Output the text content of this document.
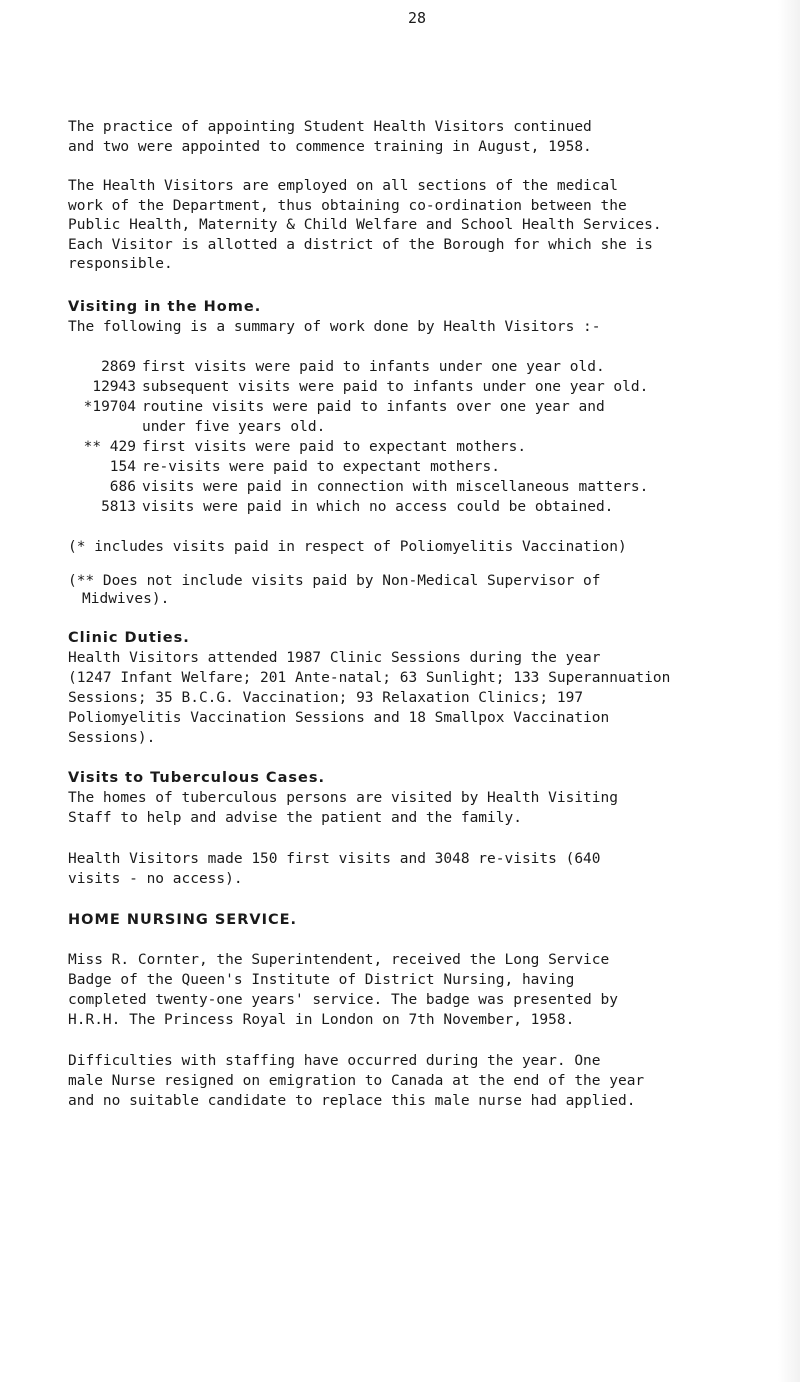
28
The practice of appointing Student Health Visitors continued
and two were appointed to commence training in August, 1958.
The Health Visitors are employed on all sections of the medical
work of the Department, thus obtaining co-ordination between the
Public Health, Maternity & Child Welfare and School Health Services.
Each Visitor is allotted a district of the Borough for which she is
responsible.
Visiting in the Home.
The following is a summary of work done by Health Visitors :-
2869 first visits were paid to infants under one year old.
12943 subsequent visits were paid to infants under one year old.
*19704 routine visits were paid to infants over one year and
under five years old.
** 429 first visits were paid to expectant mothers.
154 re-visits were paid to expectant mothers.
686 visits were paid in connection with miscellaneous matters.
5813 visits were paid in which no access could be obtained.
(* includes visits paid in respect of Poliomyelitis Vaccination)
(** Does not include visits paid by Non-Medical Supervisor of
Midwives).
Clinic Duties.
Health Visitors attended 1987 Clinic Sessions during the year
(1247 Infant Welfare; 201 Ante-natal; 63 Sunlight; 133 Superannuation
Sessions; 35 B.C.G. Vaccination; 93 Relaxation Clinics; 197
Poliomyelitis Vaccination Sessions and 18 Smallpox Vaccination
Sessions).
Visits to Tuberculous Cases.
The homes of tuberculous persons are visited by Health Visiting
Staff to help and advise the patient and the family.
Health Visitors made 150 first visits and 3048 re-visits (640
visits - no access).
HOME NURSING SERVICE.
Miss R. Cornter, the Superintendent, received the Long Service
Badge of the Queen's Institute of District Nursing, having
completed twenty-one years' service. The badge was presented by
H.R.H. The Princess Royal in London on 7th November, 1958.
Difficulties with staffing have occurred during the year. One
male Nurse resigned on emigration to Canada at the end of the year
and no suitable candidate to replace this male nurse had applied.
